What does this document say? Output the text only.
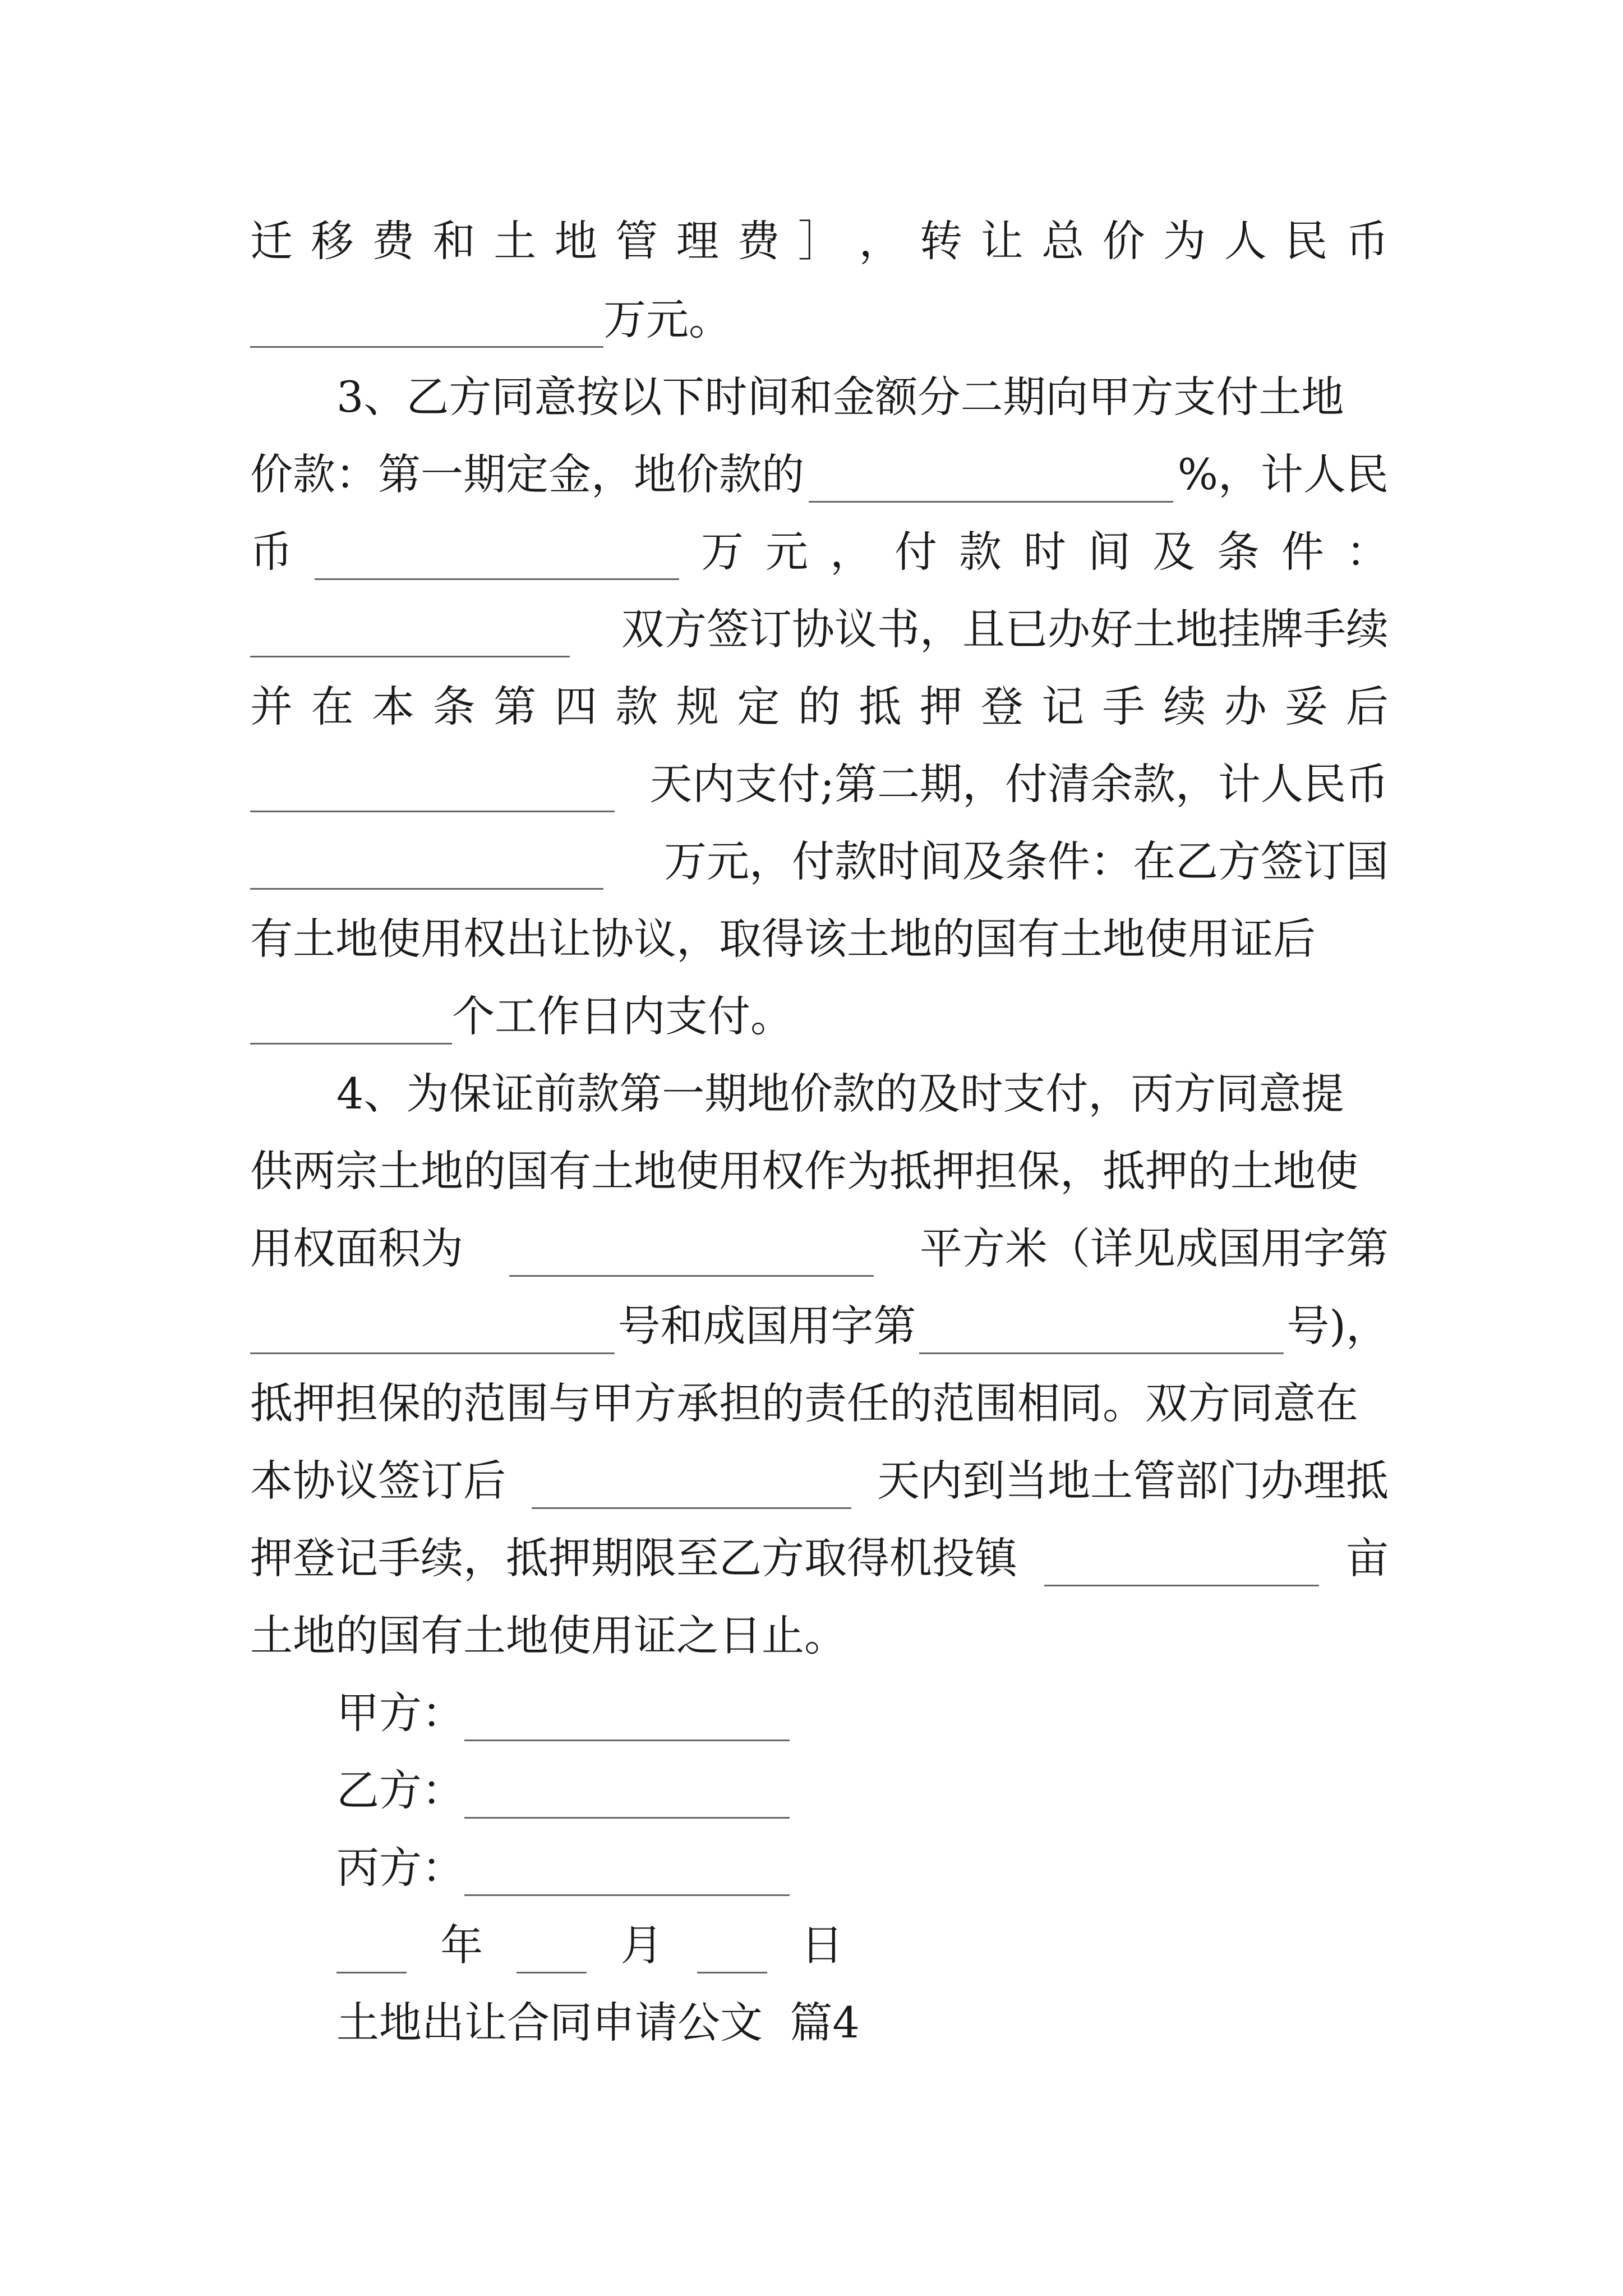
迁 移 费 和 土 地 管 理 费 ］ ， 转 让 总 价 为 人 民 币
万元。
3、乙方同意按以下时间和金额分二期向甲方支付土地
价款：第一期定金，地价款的	%，计人民
币	万 元 ， 付 款 时 间 及 条 件 ：
双方签订协议书，且已办好土地挂牌手续
并 在 本 条 第 四 款 规 定 的 抵 押 登 记 手 续 办 妥 后
天内支付;第二期，付清余款，计人民币
万元，付款时间及条件：在乙方签订国
有土地使用权出让协议，取得该土地的国有土地使用证后
个工作日内支付。
4、为保证前款第一期地价款的及时支付，丙方同意提
供两宗土地的国有土地使用权作为抵押担保，抵押的土地使
用权面积为	平方米（详见成国用字第
号和成国用字第	号)，
抵押担保的范围与甲方承担的责任的范围相同。双方同意在
本协议签订后	天内到当地土管部门办理抵
押登记手续，抵押期限至乙方取得机投镇	亩
土地的国有土地使用证之日止。
甲方：
乙方：
丙方：
年	月	日
土地出让合同申请公文  篇4
